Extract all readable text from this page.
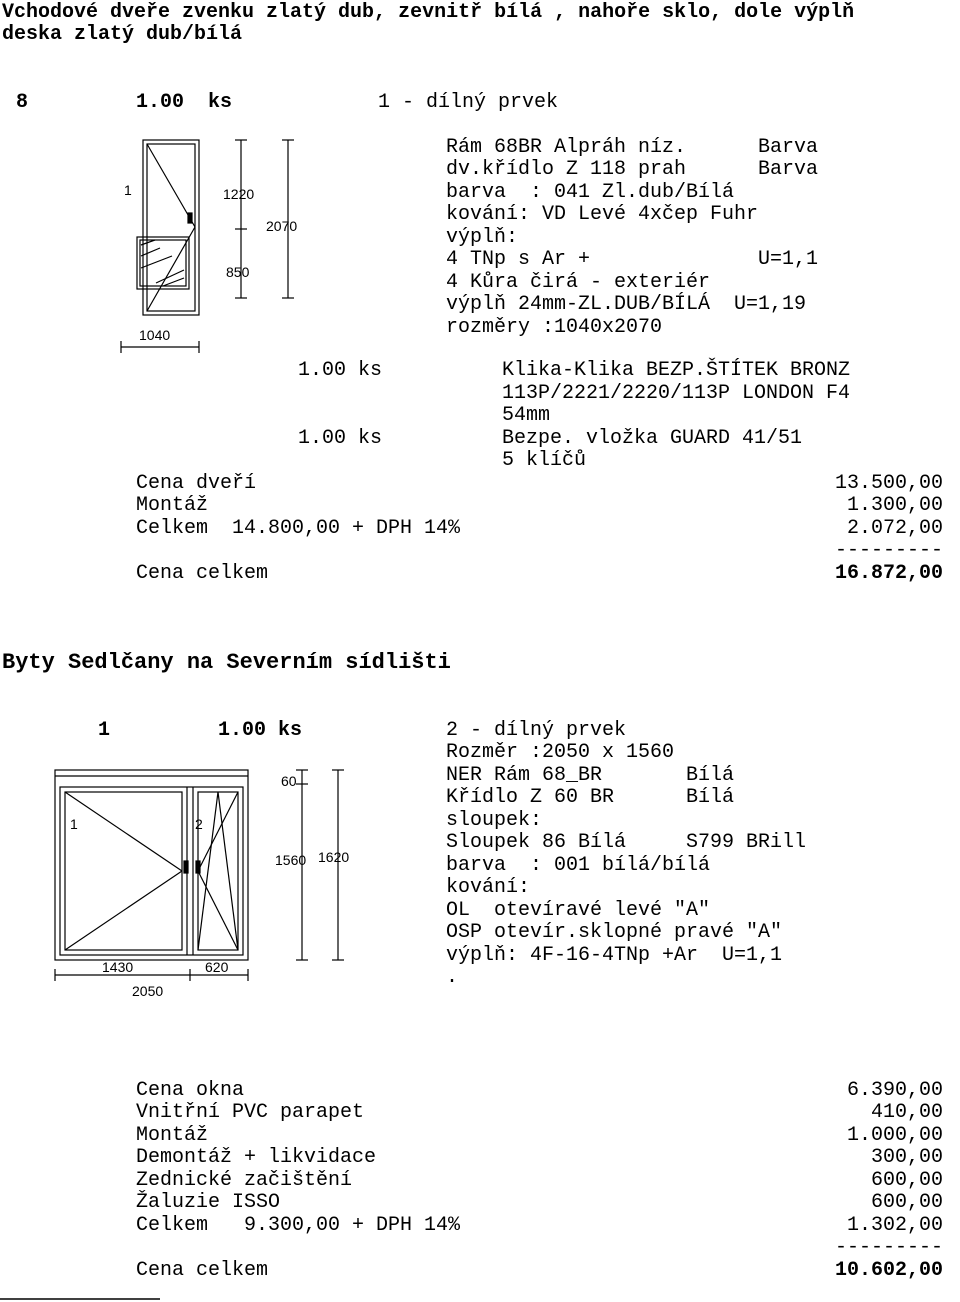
Vchodové dveře zvenku zlatý dub, zevnitř bílá , nahoře sklo, dole výplň
deska zlatý dub/bílá
8	1.00  ks	1 - dílný prvek
Rám 68BR Alpráh níz.      Barva
dv.křídlo Z 118 prah      Barva
barva  : 041 Zl.dub/Bílá
kování: VD Levé 4xčep Fuhr
výplň:
4 TNp s Ar +              U=1,1
4 Kůra čirá - exteriér
výplň 24mm-ZL.DUB/BÍLÁ  U=1,19
rozměry :1040x2070
1	1220
2070
850
1040
1.00 ks	Klika-Klika BEZP.ŠTÍTEK BRONZ
113P/2221/2220/113P LONDON F4
54mm
1.00 ks	Bezpe. vložka GUARD 41/51
5 klíčů
Cena dveří	13.500,00
Montáž	1.300,00
Celkem  14.800,00 + DPH 14%	2.072,00
---------
Cena celkem	16.872,00
Byty Sedlčany na Severním sídlišti
1	1.00 ks	2 - dílný prvek
Rozměr :2050 x 1560
NER Rám 68_BR       Bílá
Křídlo Z 60 BR      Bílá
sloupek:
Sloupek 86 Bílá     S799 BRill
barva  : 001 bílá/bílá
kování:
OL  otevíravé levé "A"
OSP otevír.sklopné pravé "A"
výplň: 4F-16-4TNp +Ar  U=1,1
.
1	2
60
1560 1620
1430	620
2050
Cena okna	6.390,00
Vnitřní PVC parapet	410,00
Montáž	1.000,00
Demontáž + likvidace	300,00
Zednické začištění	600,00
Žaluzie ISSO	600,00
Celkem   9.300,00 + DPH 14%	1.302,00
---------
Cena celkem	10.602,00
